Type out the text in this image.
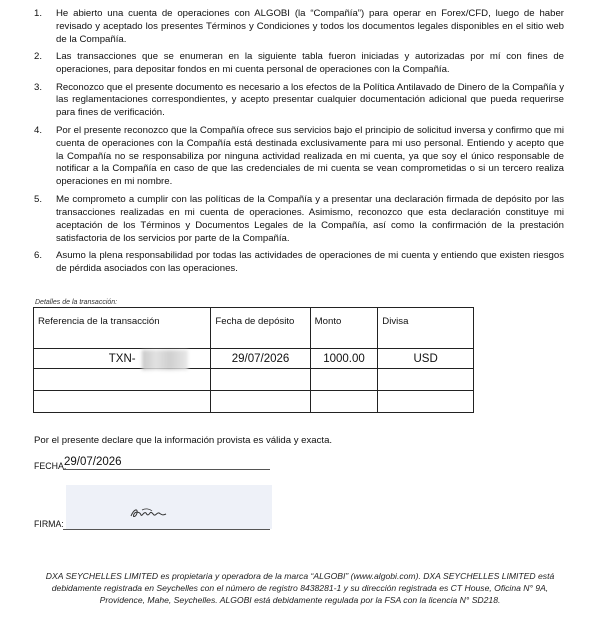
1.	He abierto una cuenta de operaciones con ALGOBI (la “Compañía”) para operar en Forex/CFD, luego de haber revisado y aceptado los presentes Términos y Condiciones y todos los documentos legales disponibles en el sitio web de la Compañía.
2.	Las transacciones que se enumeran en la siguiente tabla fueron iniciadas y autorizadas por mí con fines de operaciones, para depositar fondos en mi cuenta personal de operaciones con la Compañía.
3.	Reconozco que el presente documento es necesario a los efectos de la Política Antilavado de Dinero de la Compañía y las reglamentaciones correspondientes, y acepto presentar cualquier documentación adicional que pueda requerirse para fines de verificación.
4.	Por el presente reconozco que la Compañía ofrece sus servicios bajo el principio de solicitud inversa y confirmo que mi cuenta de operaciones con la Compañía está destinada exclusivamente para mi uso personal. Entiendo y acepto que la Compañía no se responsabiliza por ninguna actividad realizada en mi cuenta, ya que soy el único responsable de notificar a la Compañía en caso de que las credenciales de mi cuenta se vean comprometidas o si un tercero realiza operaciones en mi nombre.
5.	Me comprometo a cumplir con las políticas de la Compañía y a presentar una declaración firmada de depósito por las transacciones realizadas en mi cuenta de operaciones. Asimismo, reconozco que esta declaración constituye mi aceptación de los Términos y Documentos Legales de la Compañía, así como la confirmación de la prestación satisfactoria de los servicios por parte de la Compañía.
6.	Asumo la plena responsabilidad por todas las actividades de operaciones de mi cuenta y entiendo que existen riesgos de pérdida asociados con las operaciones.
Detalles de la transacción:
Referencia de la transacción	Fecha de depósito	Monto	Divisa
TXN-	29/07/2026	1000.00	USD

Por el presente declare que la información provista es válida y exacta.
FECHA:
29/07/2026
FIRMA:
DXA SEYCHELLES LIMITED es propietaria y operadora de la marca “ALGOBI” (www.algobi.com). DXA SEYCHELLES LIMITED está debidamente registrada en Seychelles con el número de registro 8438281-1 y su dirección registrada es CT House, Oficina N° 9A, Providence, Mahe, Seychelles. ALGOBI está debidamente regulada por la FSA con la licencia N° SD218.
